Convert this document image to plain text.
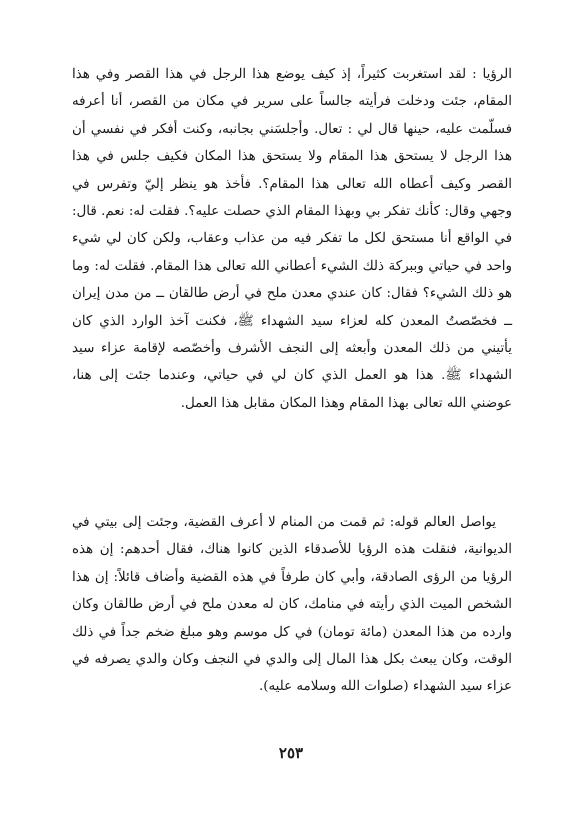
الرؤيا : لقد استغربت كثيراً، إذ كيف يوضع هذا الرجل في هذا القصر وفي هذا المقام، جئت ودخلت فرأيته جالساً على سرير في مكان من القصر، أنا أعرفه فسلّمت عليه، حينها قال لي : تعال. وأجلسَني بجانبه، وكنت أفكر في نفسي أن هذا الرجل لا يستحق هذا المقام ولا يستحق هذا المكان فكيف جلس في هذا القصر وكيف أعطاه الله تعالى هذا المقام؟. فأخذ هو ينظر إليّ وتفرس في وجهي وقال: كأنك تفكر بي وبهذا المقام الذي حصلت عليه؟. فقلت له: نعم. قال: في الواقع أنا مستحق لكل ما تفكر فيه من عذاب وعقاب، ولكن كان لي شيء واحد في حياتي وببركة ذلك الشيء أعطاني الله تعالى هذا المقام. فقلت له: وما هو ذلك الشيء؟ فقال: كان عندي معدن ملح في أرض طالقان ــ من مدن إيران ــ فخصّصتُ المعدن كله لعزاء سيد الشهداء ﷺ، فكنت آخذ الوارد الذي كان يأتيني من ذلك المعدن وأبعثه إلى النجف الأشرف وأخصّصه لإقامة عزاء سيد الشهداء ﷺ. هذا هو العمل الذي كان لي في حياتي، وعندما جئت إلى هنا، عوضني الله تعالى بهذا المقام وهذا المكان مقابل هذا العمل.

يواصل العالم قوله: ثم قمت من المنام لا أعرف القضية، وجئت إلى بيتي في الديوانية، فنقلت هذه الرؤيا للأصدقاء الذين كانوا هناك، فقال أحدهم: إن هذه الرؤيا من الرؤى الصادقة، وأبي كان طرفاً في هذه القضية وأضاف قائلاً: إن هذا الشخص الميت الذي رأيته في منامك، كان له معدن ملح في أرض طالقان وكان وارده من هذا المعدن (مائة تومان) في كل موسم وهو مبلغ ضخم جداً في ذلك الوقت، وكان يبعث بكل هذا المال إلى والدي في النجف وكان والدي يصرفه في عزاء سيد الشهداء (صلوات الله وسلامه عليه).

٢٥٣
